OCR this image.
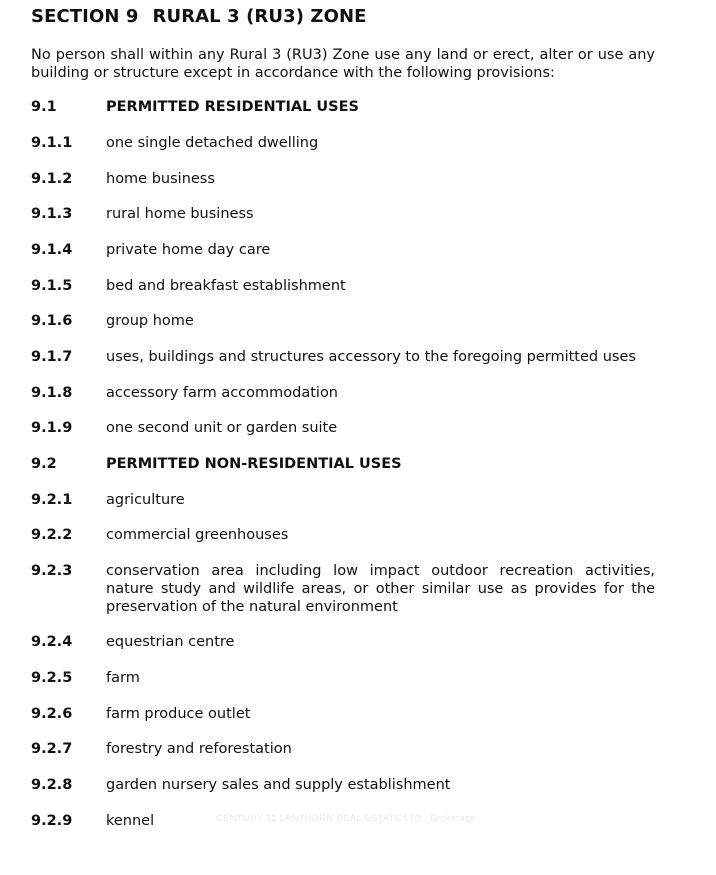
SECTION 9 RURAL 3 (RU3) ZONE
No person shall within any Rural 3 (RU3) Zone use any land or erect, alter or use any building or structure except in accordance with the following provisions:
9.1	PERMITTED RESIDENTIAL USES
9.1.1 one single detached dwelling
9.1.2 home business
9.1.3 rural home business
9.1.4 private home day care
9.1.5 bed and breakfast establishment
9.1.6 group home
9.1.7 uses, buildings and structures accessory to the foregoing permitted uses
9.1.8 accessory farm accommodation
9.1.9 one second unit or garden suite
9.2	PERMITTED NON-RESIDENTIAL USES
9.2.1 agriculture
9.2.2 commercial greenhouses
9.2.3 conservation area including low impact outdoor recreation activities, nature study and wildlife areas, or other similar use as provides for the preservation of the natural environment
9.2.4 equestrian centre
9.2.5 farm
9.2.6 farm produce outlet
9.2.7 forestry and reforestation
9.2.8 garden nursery sales and supply establishment
9.2.9 kennel	CENTURY 21 LANTHORN REAL ESTATE LTD., Brokerage
